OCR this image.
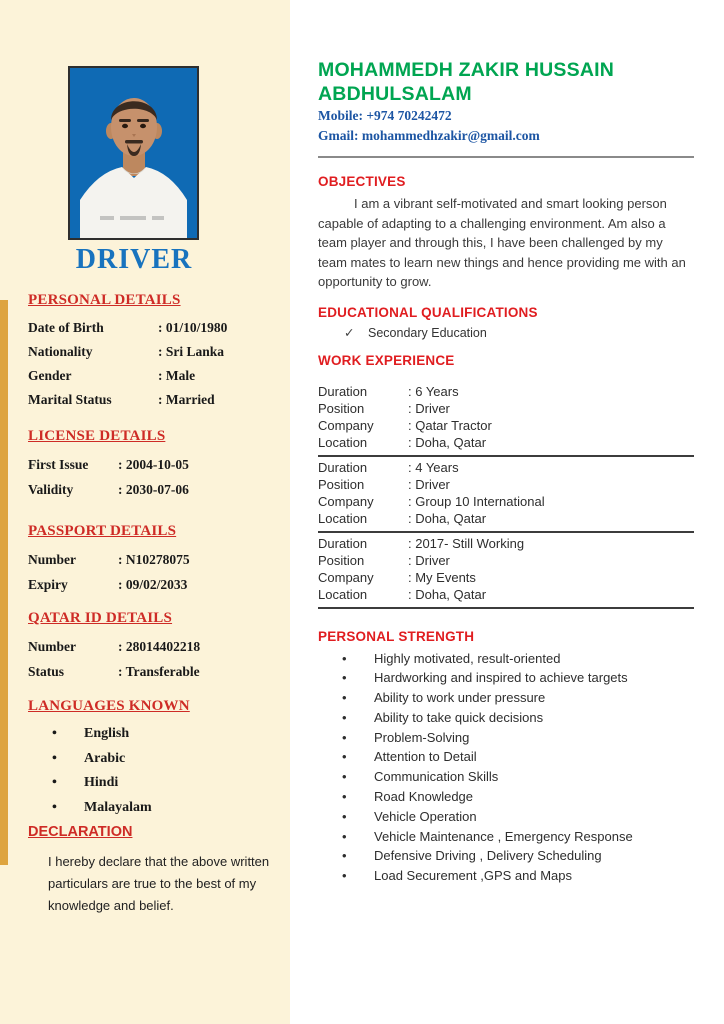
DRIVER
PERSONAL DETAILS
Date of Birth	: 01/10/1980
Nationality	: Sri Lanka
Gender	: Male
Marital Status	: Married
LICENSE DETAILS
First Issue	: 2004-10-05
Validity	: 2030-07-06
PASSPORT DETAILS
Number	: N10278075
Expiry	: 09/02/2033
QATAR ID DETAILS
Number	: 28014402218
Status	: Transferable
LANGUAGES KNOWN
•	English
•	Arabic
•	Hindi
•	Malayalam
DECLARATION
I hereby declare that the above written particulars are true to the best of my knowledge and belief.
MOHAMMEDH ZAKIR HUSSAIN
ABDHULSALAM
Mobile: +974 70242472
Gmail: mohammedhzakir@gmail.com
OBJECTIVES
I am a vibrant self-motivated and smart looking person capable of adapting to a challenging environment. Am also a team player and through this, I have been challenged by my team mates to learn new things and hence providing me with an opportunity to grow.
EDUCATIONAL QUALIFICATIONS
✓	Secondary Education
WORK EXPERIENCE
Duration	: 6 Years
Position	: Driver
Company	: Qatar Tractor
Location	: Doha, Qatar
Duration	: 4 Years
Position	: Driver
Company	: Group 10 International
Location	: Doha, Qatar
Duration	: 2017- Still Working
Position	: Driver
Company	: My Events
Location	: Doha, Qatar
PERSONAL STRENGTH
•	Highly motivated, result-oriented
•	Hardworking and inspired to achieve targets
•	Ability to work under pressure
•	Ability to take quick decisions
•	Problem-Solving
•	Attention to Detail
•	Communication Skills
•	Road Knowledge
•	Vehicle Operation
•	Vehicle Maintenance , Emergency Response
•	Defensive Driving , Delivery Scheduling
•	Load Securement ,GPS and Maps
